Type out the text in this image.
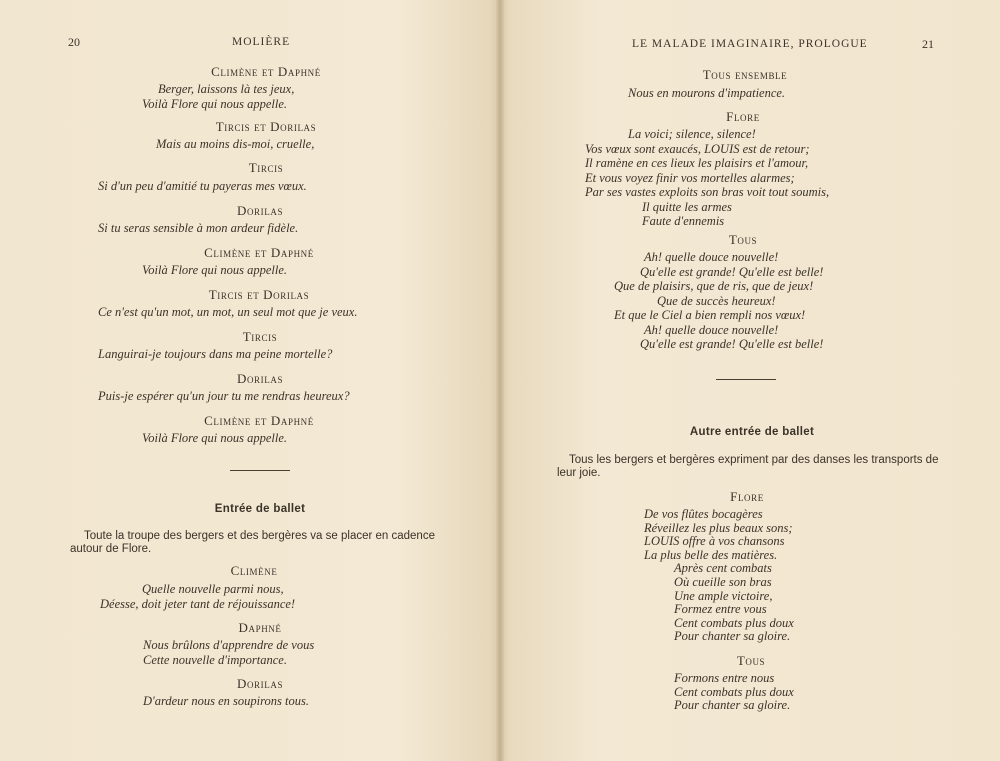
20	MOLIÈRE
Climène et Daphné
Berger, laissons là tes jeux,
Voilà Flore qui nous appelle.
Tircis et Dorilas
Mais au moins dis-moi, cruelle,
Tircis
Si d'un peu d'amitié tu payeras mes vœux.
Dorilas
Si tu seras sensible à mon ardeur fidèle.
Climène et Daphné
Voilà Flore qui nous appelle.
Tircis et Dorilas
Ce n'est qu'un mot, un mot, un seul mot que je veux.
Tircis
Languirai-je toujours dans ma peine mortelle?
Dorilas
Puis-je espérer qu'un jour tu me rendras heureux?
Climène et Daphné
Voilà Flore qui nous appelle.
Entrée de ballet
Toute la troupe des bergers et des bergères va se placer en cadence autour de Flore.
Climène
Quelle nouvelle parmi nous,
Déesse, doit jeter tant de réjouissance!
Daphné
Nous brûlons d'apprendre de vous
Cette nouvelle d'importance.
Dorilas
D'ardeur nous en soupirons tous.
LE MALADE IMAGINAIRE, PROLOGUE	21
Tous ensemble
Nous en mourons d'impatience.
Flore
La voici; silence, silence!
Vos vœux sont exaucés, LOUIS est de retour;
Il ramène en ces lieux les plaisirs et l'amour,
Et vous voyez finir vos mortelles alarmes;
Par ses vastes exploits son bras voit tout soumis,
Il quitte les armes
Faute d'ennemis
Tous
Ah! quelle douce nouvelle!
Qu'elle est grande! Qu'elle est belle!
Que de plaisirs, que de ris, que de jeux!
Que de succès heureux!
Et que le Ciel a bien rempli nos vœux!
Ah! quelle douce nouvelle!
Qu'elle est grande! Qu'elle est belle!
Autre entrée de ballet
Tous les bergers et bergères expriment par des danses les transports de leur joie.
Flore
De vos flûtes bocagères
Réveillez les plus beaux sons;
LOUIS offre à vos chansons
La plus belle des matières.
Après cent combats
Où cueille son bras
Une ample victoire,
Formez entre vous
Cent combats plus doux
Pour chanter sa gloire.
Tous
Formons entre nous
Cent combats plus doux
Pour chanter sa gloire.
